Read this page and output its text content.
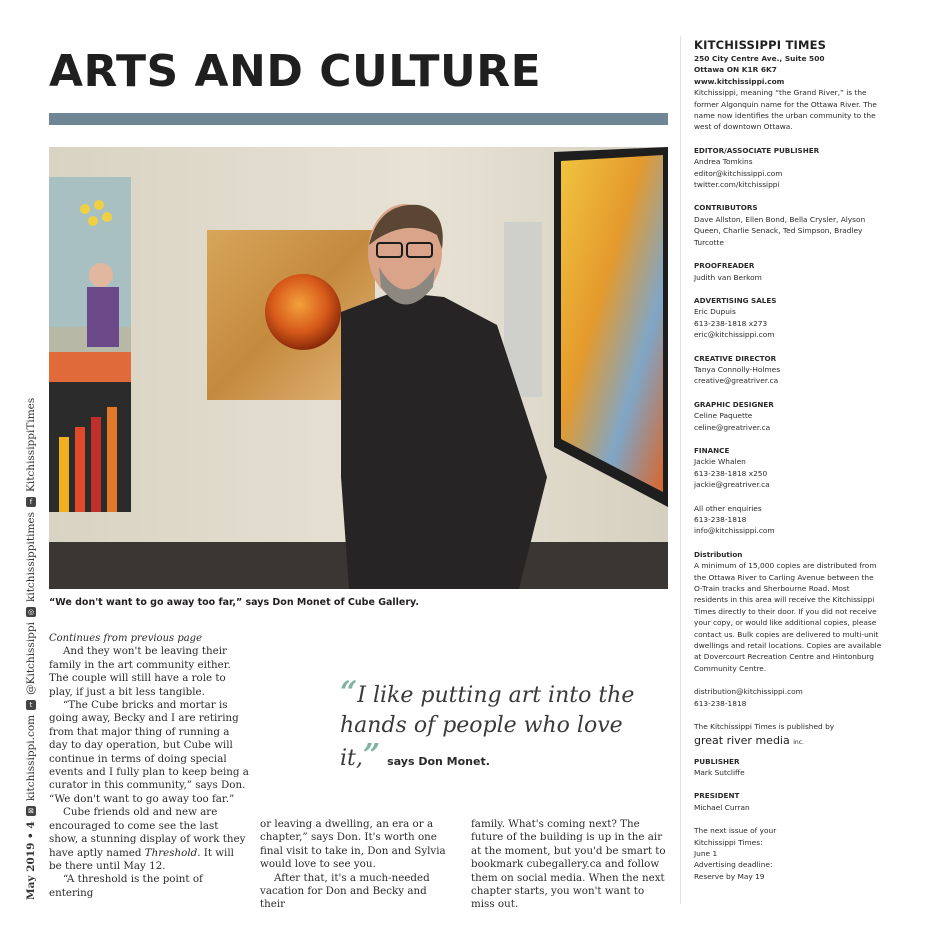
ARTS AND CULTURE
“We don't want to go away too far,” says Don Monet of Cube Gallery.

Continues from previous page

And they won't be leaving their family in the art community either. The couple will still have a role to play, if just a bit less tangible.

“The Cube bricks and mortar is going away, Becky and I are retiring from that major thing of running a day to day operation, but Cube will continue in terms of doing special events and I fully plan to keep being a curator in this community,” says Don. “We don't want to go away too far.”

Cube friends old and new are encouraged to come see the last show, a stunning display of work they have aptly named Threshold. It will be there until May 12.

“A threshold is the point of entering

“I like putting art into the hands of people who love it,” says Don Monet.

or leaving a dwelling, an era or a chapter,” says Don. It's worth one final visit to take in, Don and Sylvia would love to see you.

After that, it's a much-needed vacation for Don and Becky and their

family. What's coming next? The future of the building is up in the air at the moment, but you'd be smart to bookmark cubegallery.ca and follow them on social media. When the next chapter starts, you won't want to miss out.

May 2019 • 4
⊠
kitchissippi.com
t
@Kitchissippi
◎
kitchissippitimes
f
KitchissippiTimes
KITCHISSIPPI TIMES
250 City Centre Ave., Suite 500
Ottawa ON K1R 6K7
www.kitchissippi.com
Kitchissippi, meaning “the Grand River,” is the former Algonquin name for the Ottawa River. The name now identifies the urban community to the west of downtown Ottawa.
EDITOR/ASSOCIATE PUBLISHER
Andrea Tomkins
editor@kitchissippi.com
twitter.com/kitchissippi
CONTRIBUTORS
Dave Allston, Ellen Bond, Bella Crysler, Alyson Queen, Charlie Senack, Ted Simpson, Bradley Turcotte
PROOFREADER
Judith van Berkom
ADVERTISING SALES
Eric Dupuis
613-238-1818 x273
eric@kitchissippi.com
CREATIVE DIRECTOR
Tanya Connolly-Holmes
creative@greatriver.ca
GRAPHIC DESIGNER
Celine Paquette
celine@greatriver.ca
FINANCE
Jackie Whalen
613-238-1818 x250
jackie@greatriver.ca
All other enquiries
613-238-1818
info@kitchissippi.com
Distribution
A minimum of 15,000 copies are distributed from the Ottawa River to Carling Avenue between the O-Train tracks and Sherbourne Road. Most residents in this area will receive the Kitchissippi Times directly to their door. If you did not receive your copy, or would like additional copies, please contact us. Bulk copies are delivered to multi-unit dwellings and retail locations. Copies are available at Dovercourt Recreation Centre and Hintonburg Community Centre.
distribution@kitchissippi.com
613-238-1818
The Kitchissippi Times is published by
great river media inc.
PUBLISHER
Mark Sutcliffe
PRESIDENT
Michael Curran
The next issue of your
Kitchissippi Times:
June 1
Advertising deadline:
Reserve by May 19
